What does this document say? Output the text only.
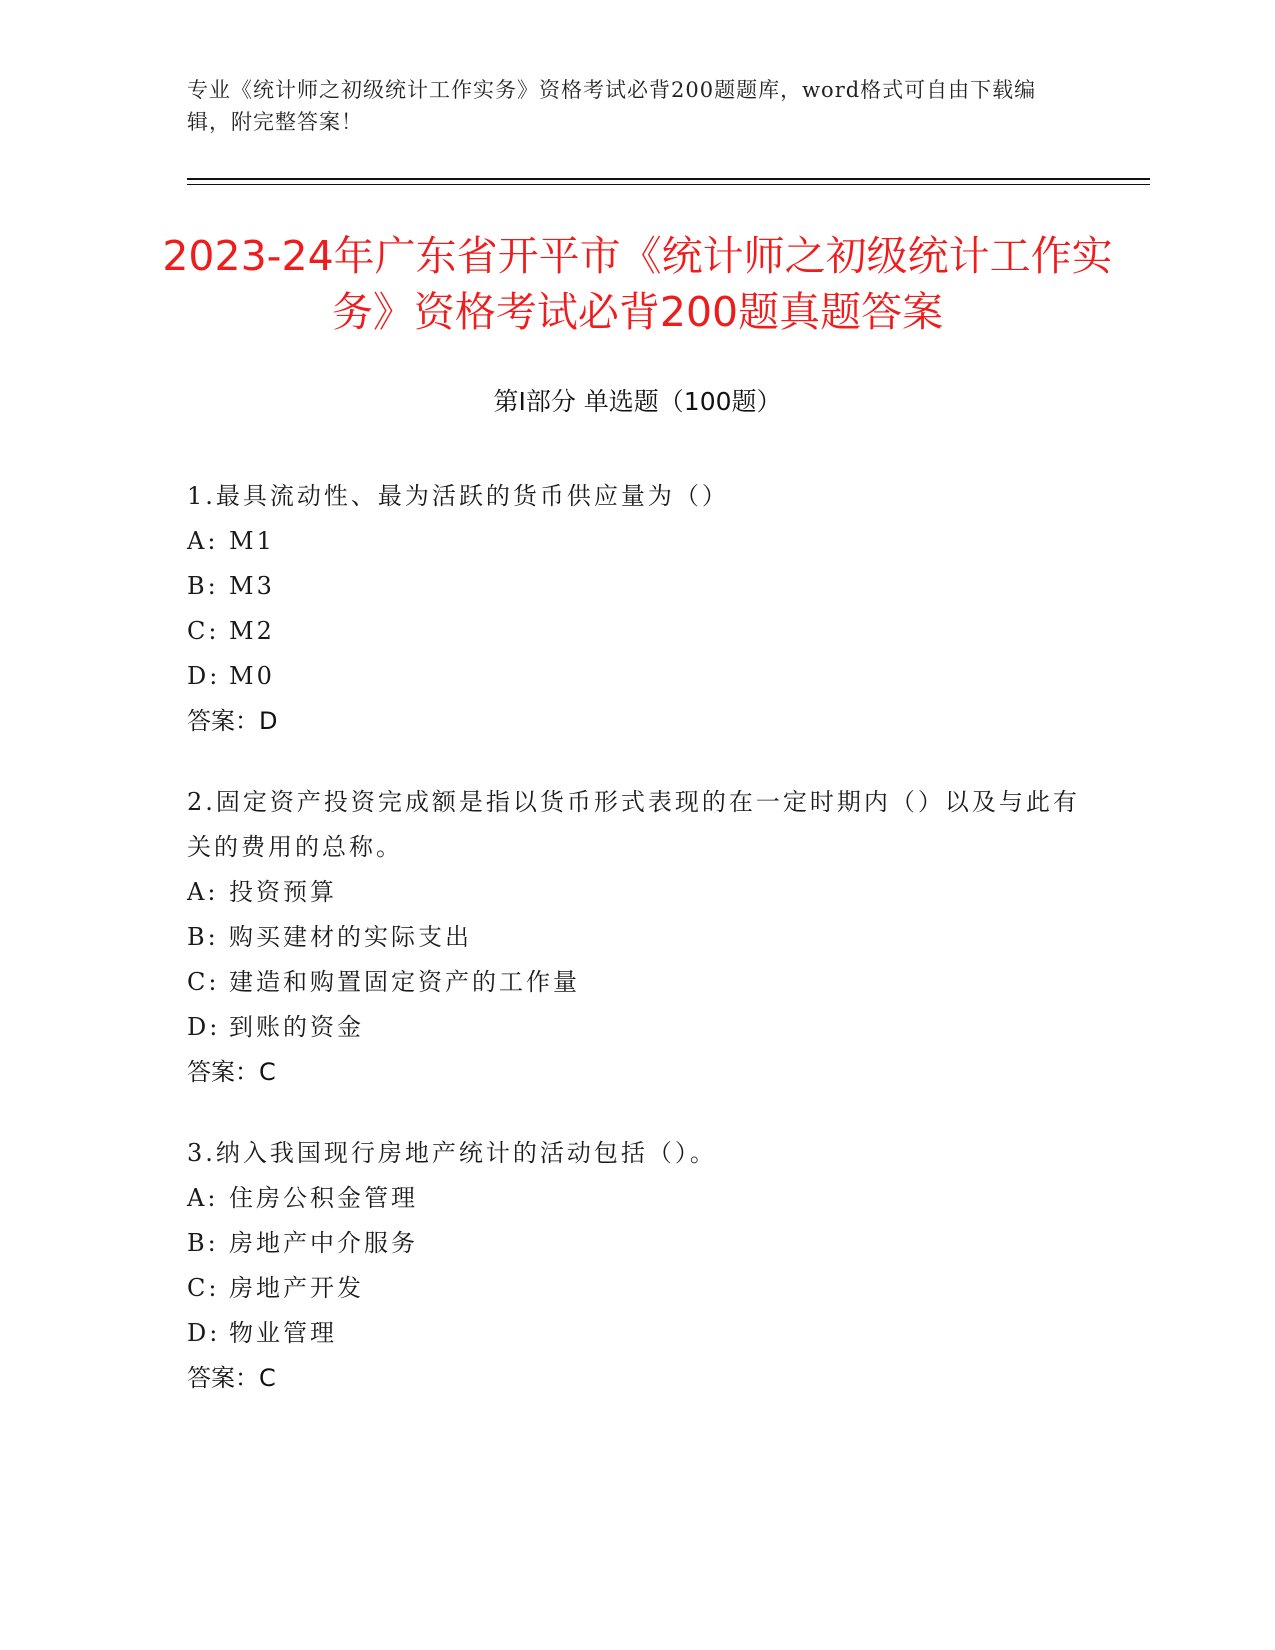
专业《统计师之初级统计工作实务》资格考试必背200题题库，word格式可自由下载编辑，附完整答案！
2023-24年广东省开平市《统计师之初级统计工作实务》资格考试必背200题真题答案
第Ⅰ部分 单选题（100题）
1.最具流动性、最为活跃的货币供应量为（）
A: M1
B: M3
C: M2
D: M0
答案：D
2.固定资产投资完成额是指以货币形式表现的在一定时期内（）以及与此有关的费用的总称。
A: 投资预算
B: 购买建材的实际支出
C: 建造和购置固定资产的工作量
D: 到账的资金
答案：C
3.纳入我国现行房地产统计的活动包括（）。
A: 住房公积金管理
B: 房地产中介服务
C: 房地产开发
D: 物业管理
答案：C
